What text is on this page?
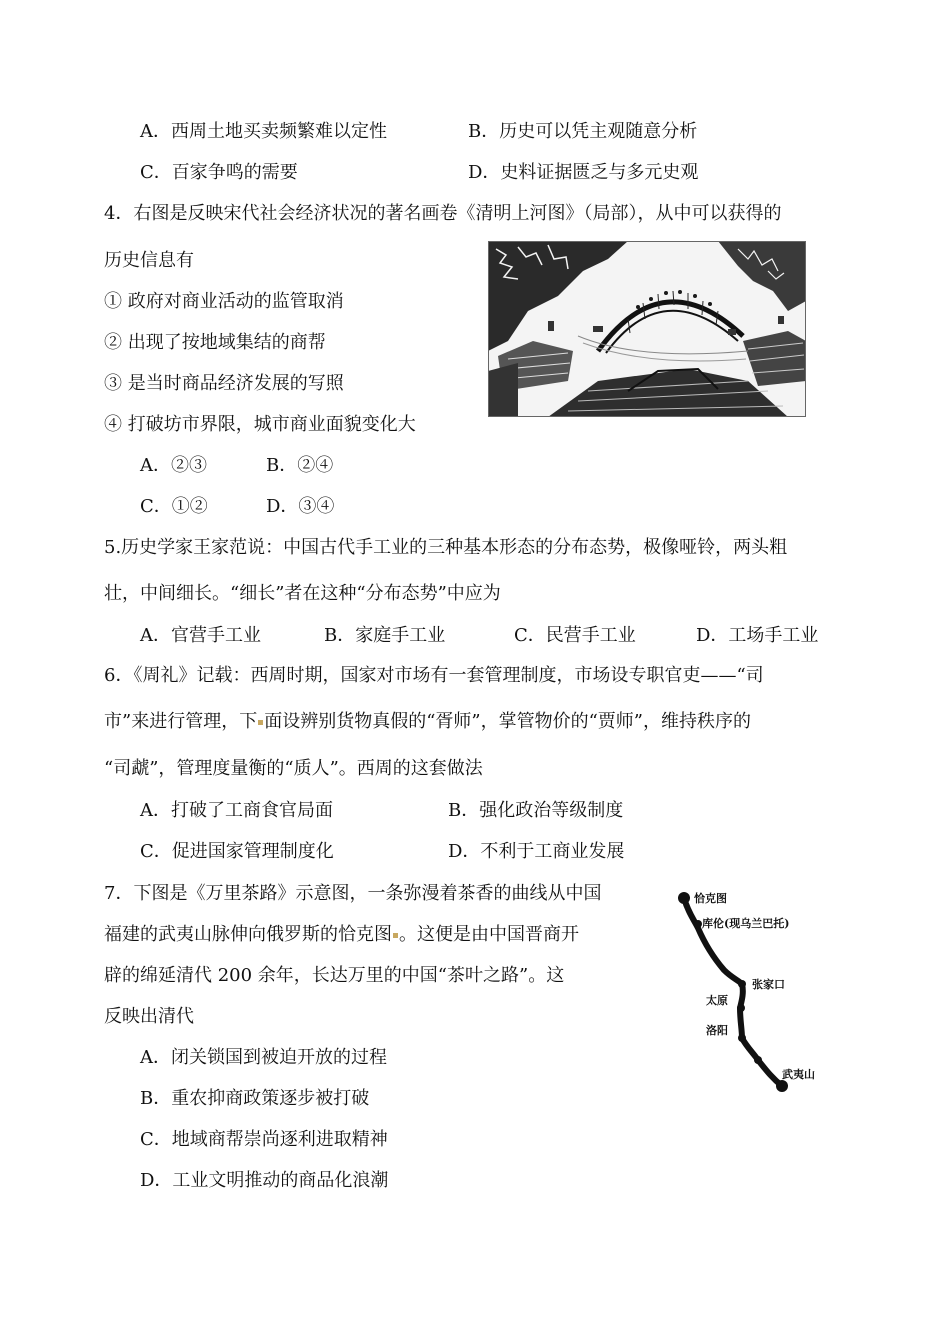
A．西周土地买卖频繁难以定性	B．历史可以凭主观随意分析
C．百家争鸣的需要	D．史料证据匮乏与多元史观
4．右图是反映宋代社会经济状况的著名画卷《清明上河图》（局部），从中可以获得的
历史信息有
① 政府对商业活动的监管取消
② 出现了按地域集结的商帮
③ 是当时商品经济发展的写照
④ 打破坊市界限，城市商业面貌变化大
A．②③	B．②④
C．①②	D．③④
5.历史学家王家范说：中国古代手工业的三种基本形态的分布态势，极像哑铃，两头粗
壮，中间细长。“细长”者在这种“分布态势”中应为
A．官营手工业	B．家庭手工业	C．民营手工业	D．工场手工业
6．《周礼》记载：西周时期，国家对市场有一套管理制度，市场设专职官吏——“司
市”来进行管理，下 面设辨别货物真假的“胥师”，掌管物价的“贾师”，维持秩序的
“司虣”，管理度量衡的“质人”。西周的这套做法
A．打破了工商食官局面	B．强化政治等级制度
C．促进国家管理制度化	D．不利于工商业发展
7．下图是《万里茶路》示意图，一条弥漫着茶香的曲线从中国
福建的武夷山脉伸向俄罗斯的恰克图 。这便是由中国晋商开
辟的绵延清代 200 余年，长达万里的中国“茶叶之路”。这
反映出清代
A．闭关锁国到被迫开放的过程
B．重农抑商政策逐步被打破
C．地域商帮崇尚逐利进取精神
D．工业文明推动的商品化浪潮
恰克图
库伦(现乌兰巴托)
张家口
太原
洛阳
武夷山
